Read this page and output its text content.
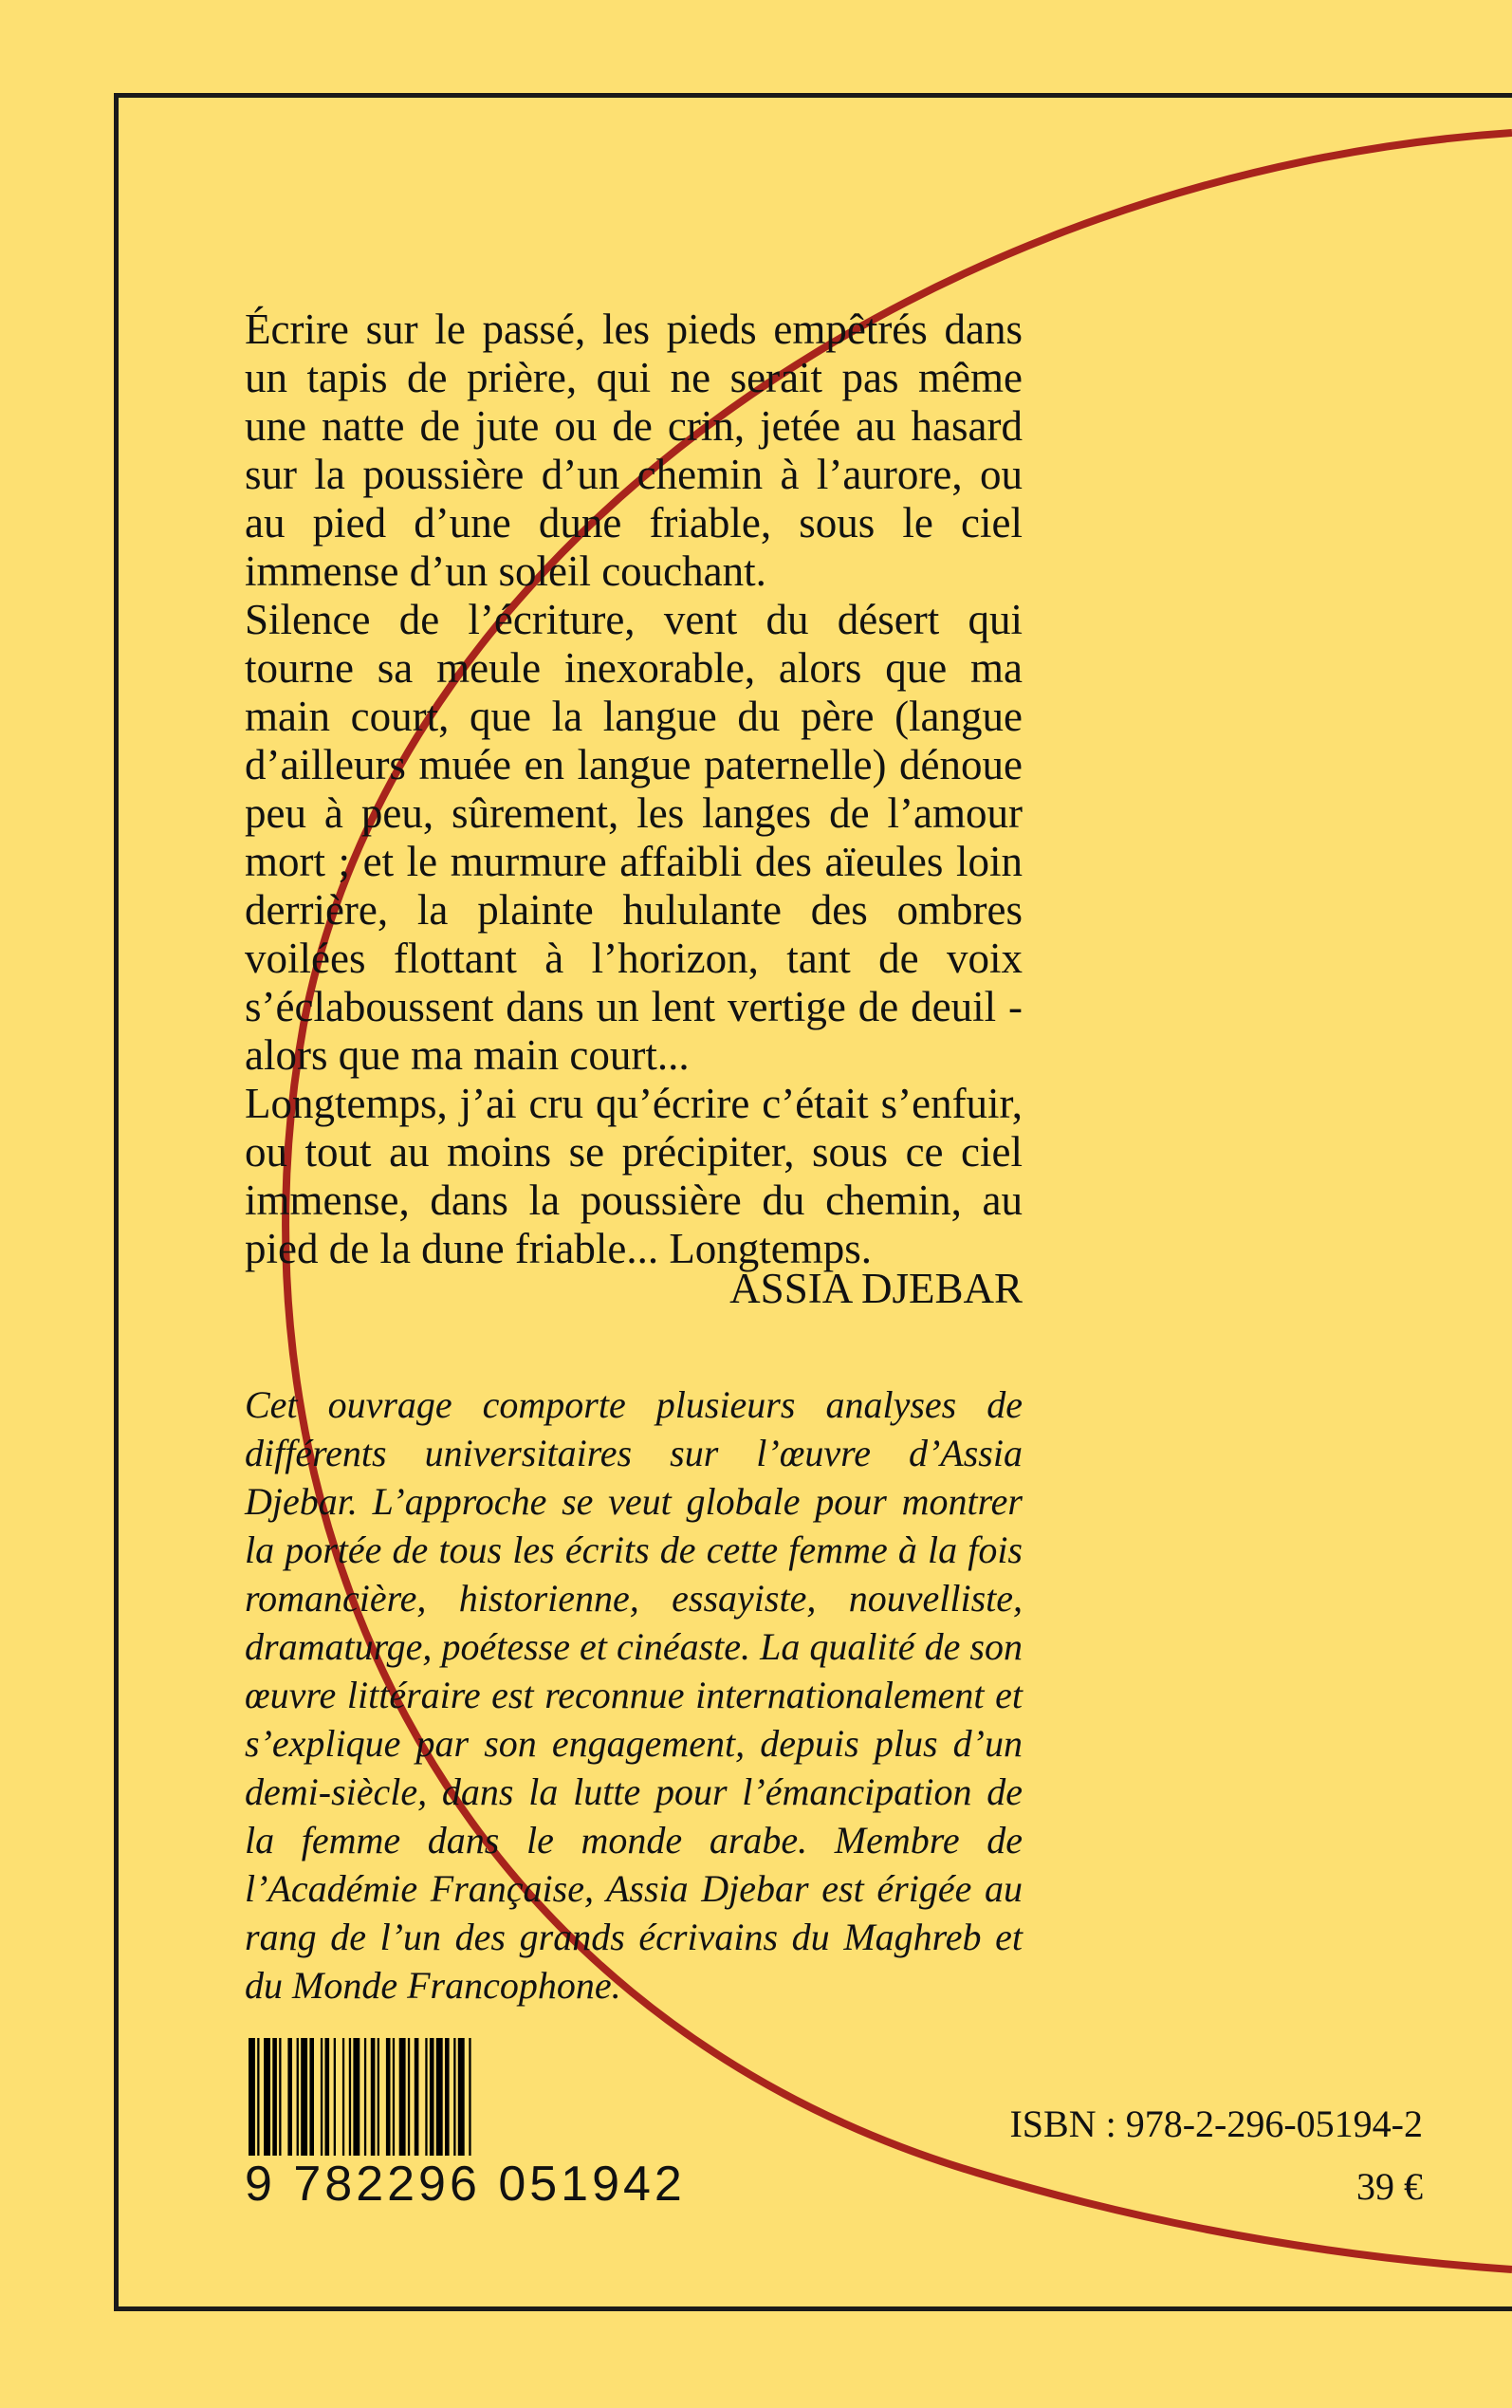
Écrire sur le passé, les pieds empêtrés dans un tapis de prière, qui ne serait pas même une natte de jute ou de crin, jetée au hasard sur la poussière d’un chemin à l’aurore, ou au pied d’une dune friable, sous le ciel immense d’un soleil couchant.

Silence de l’écriture, vent du désert qui tourne sa meule inexorable, alors que ma main court, que la langue du père (langue d’ailleurs muée en langue paternelle) dénoue peu à peu, sûrement, les langes de l’amour mort ; et le murmure affaibli des aïeules loin derrière, la plainte hululante des ombres voilées flottant à l’horizon, tant de voix s’éclaboussent dans un lent vertige de deuil - alors que ma main court...

Longtemps, j’ai cru qu’écrire c’était s’enfuir, ou tout au moins se précipiter, sous ce ciel immense, dans la poussière du chemin, au pied de la dune friable... Longtemps.

ASSIA DJEBAR

Cet ouvrage comporte plusieurs analyses de différents universitaires sur l’œuvre d’Assia Djebar. L’approche se veut globale pour montrer la portée de tous les écrits de cette femme à la fois romancière, historienne, essayiste, nouvelliste, dramaturge, poétesse et cinéaste. La qualité de son œuvre littéraire est reconnue internationalement et s’explique par son engagement, depuis plus d’un demi-siècle, dans la lutte pour l’émancipation de la femme dans le monde arabe. Membre de l’Académie Française, Assia Djebar est érigée au rang de l’un des grands écrivains du Maghreb et du Monde Francophone.

9 782296 051942
ISBN : 978-2-296-05194-2
39 €
